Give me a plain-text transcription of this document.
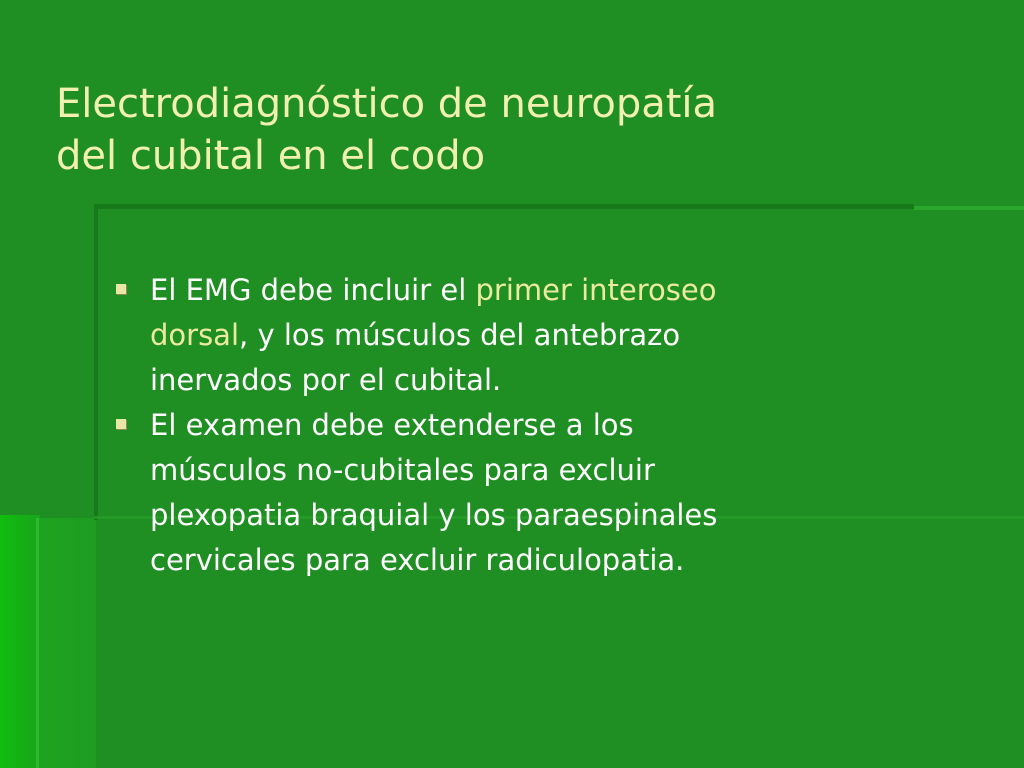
Electrodiagnóstico de neuropatía
del cubital en el codo
El EMG debe incluir el primer interoseo
dorsal, y los músculos del antebrazo
inervados por el cubital.
El examen debe extenderse a los
músculos no-cubitales para excluir
plexopatia braquial y los paraespinales
cervicales para excluir radiculopatia.
